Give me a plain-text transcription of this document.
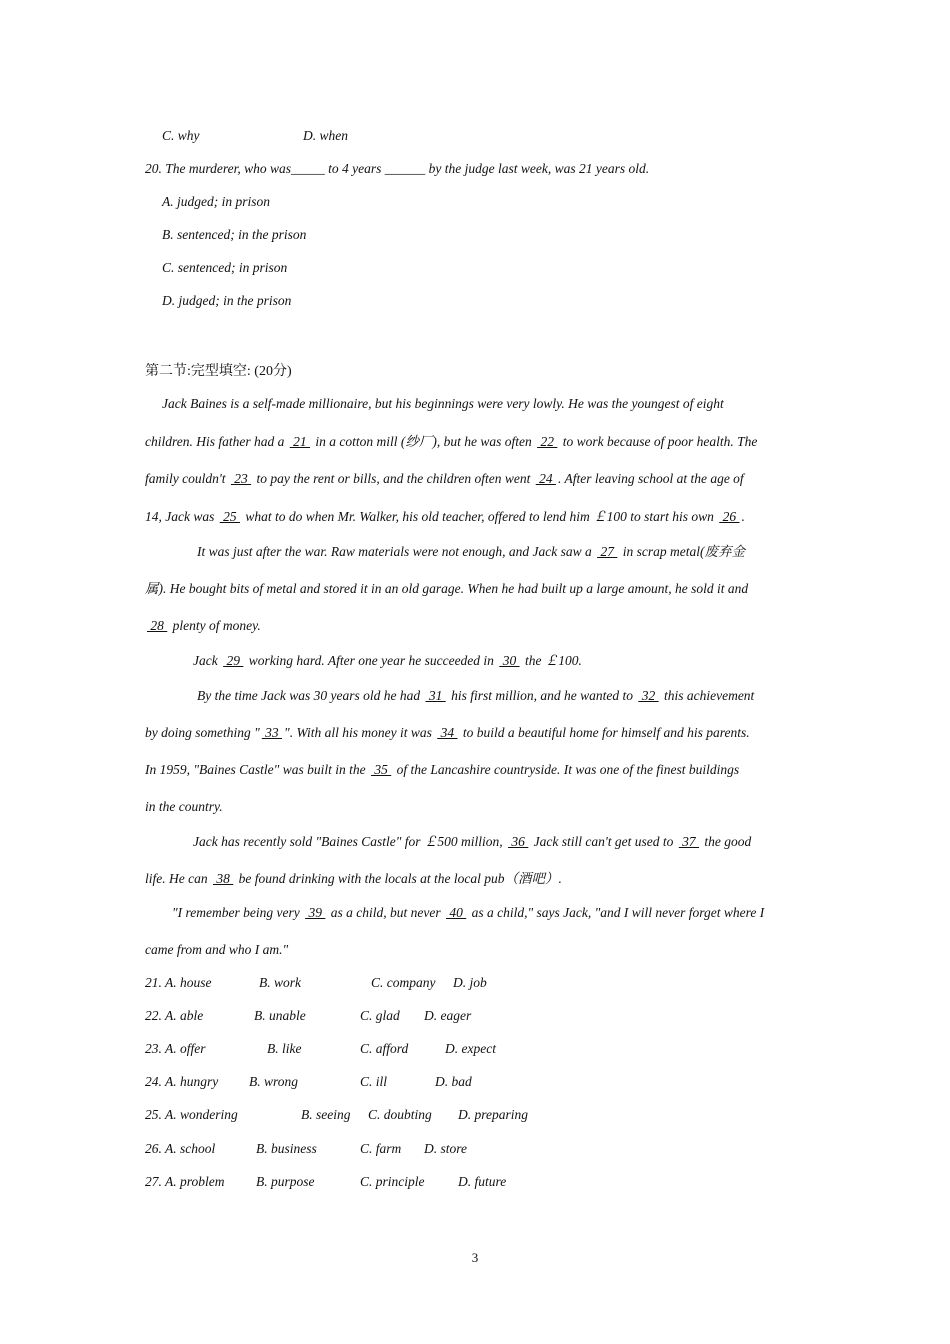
C. why	D. when
20. The murderer, who was_____ to 4 years ______ by the judge last week, was 21 years old.
A. judged; in prison
B. sentenced; in the prison
C. sentenced; in prison
D. judged; in the prison
第二节:完型填空: (20分)
Jack Baines is a self-made millionaire, but his beginnings were very lowly. He was the youngest of eight
children. His father had a  21  in a cotton mill (纱厂), but he was often  22  to work because of poor health. The
family couldn't  23  to pay the rent or bills, and the children often went  24 . After leaving school at the age of
14, Jack was  25  what to do when Mr. Walker, his old teacher, offered to lend him ￡100 to start his own  26 .
It was just after the war. Raw materials were not enough, and Jack saw a  27  in scrap metal(废弃金
属). He bought bits of metal and stored it in an old garage. When he had built up a large amount, he sold it and
28  plenty of money.
Jack  29  working hard. After one year he succeeded in  30  the ￡100.
By the time Jack was 30 years old he had  31  his first million, and he wanted to  32  this achievement
by doing something " 33 ". With all his money it was  34  to build a beautiful home for himself and his parents.
In 1959, "Baines Castle" was built in the  35  of the Lancashire countryside. It was one of the finest buildings
in the country.
Jack has recently sold "Baines Castle" for ￡500 million,  36  Jack still can't get used to  37  the good
life. He can  38  be found drinking with the locals at the local pub（酒吧）.
"I remember being very  39  as a child, but never  40  as a child," says Jack, "and I will never forget where I
came from and who I am."
21. A. house	B. work	C. company D. job
22. A. able	B. unable	C. glad D. eager
23. A. offer	B. like	C. afford	D. expect
24. A. hungry B. wrong	C. ill	D. bad
25. A. wondering	B. seeing C. doubting D. preparing
26. A. school	B. business	C. farm D. store
27. A. problem B. purpose	C. principle D. future
3
